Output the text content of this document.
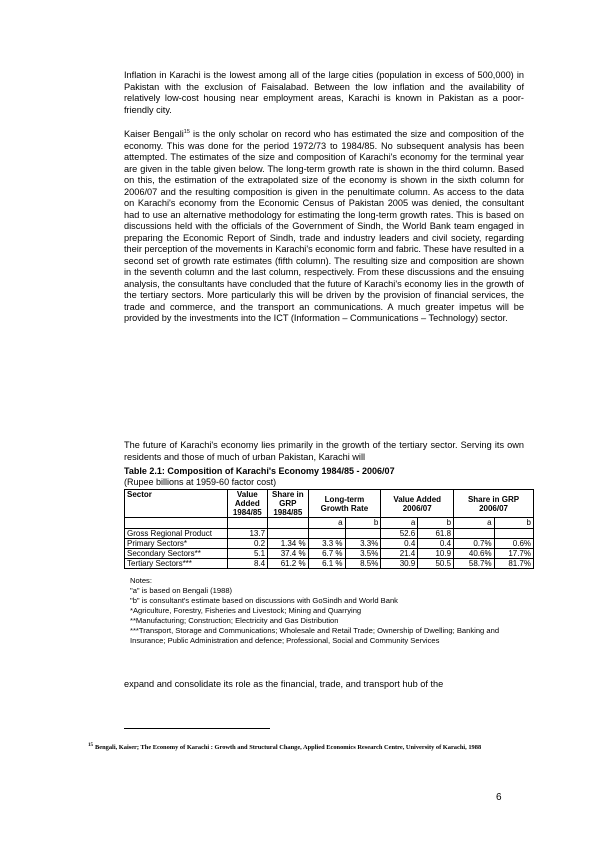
Inflation in Karachi is the lowest among all of the large cities (population in excess of 500,000) in Pakistan with the exclusion of Faisalabad. Between the low inflation and the availability of relatively low-cost housing near employment areas, Karachi is known in Pakistan as a poor-friendly city.

Kaiser Bengali$^{15}$ is the only scholar on record who has estimated the size and composition of the economy. This was done for the period 1972/73 to 1984/85. No subsequent analysis has been attempted. The estimates of the size and composition of Karachi's economy for the terminal year are given in the table given below. The long-term growth rate is shown in the third column. Based on this, the estimation of the extrapolated size of the economy is shown in the sixth column for 2006/07 and the resulting composition is given in the penultimate column. As access to the data on Karachi's economy from the Economic Census of Pakistan 2005 was denied, the consultant had to use an alternative methodology for estimating the long-term growth rates. This is based on discussions held with the officials of the Government of Sindh, the World Bank team engaged in preparing the Economic Report of Sindh, trade and industry leaders and civil society, regarding their perception of the movements in Karachi's economic form and fabric. These have resulted in a second set of growth rate estimates (fifth column). The resulting size and composition are shown in the seventh column and the last column, respectively. From these discussions and the ensuing analysis, the consultants have concluded that the future of Karachi's economy lies in the growth of the tertiary sectors. More particularly this will be driven by the provision of financial services, the trade and commerce, and the transport an communications. A much greater impetus will be provided by the investments into the ICT (Information – Communications – Technology) sector.

The future of Karachi's economy lies primarily in the growth of the tertiary sector. Serving its own residents and those of much of urban Pakistan, Karachi will

Table 2.1: Composition of Karachi's Economy 1984/85 - 2006/07
(Rupee billions at 1959-60 factor cost)
Sector	Value Added 1984/85	Share in GRP 1984/85	Long-term Growth Rate		Value Added 2006/07		Share in GRP 2006/07	
			a	b	a	b	a	b
Gross Regional Product	13.7				52.6	61.8		
Primary Sectors*	0.2	1.34 %	3.3 %	3.3%	0.4	0.4	0.7%	0.6%
Secondary Sectors**	5.1	37.4 %	6.7 %	3.5%	21.4	10.9	40.6%	17.7%
Tertiary Sectors***	8.4	61.2 %	6.1 %	8.5%	30.9	50.5	58.7%	81.7%
Notes:
"a" is based on Bengali (1988)
"b" is consultant's estimate based on discussions with GoSindh and World Bank
*Agriculture, Forestry, Fisheries and Livestock; Mining and Quarrying
**Manufacturing; Construction; Electricity and Gas Distribution
***Transport, Storage and Communications; Wholesale and Retail Trade; Ownership of Dwelling; Banking and Insurance; Public Administration and defence; Professional, Social and Community Services

expand and consolidate its role as the financial, trade, and transport hub of the

$^{15}$ Bengali, Kaiser; The Economy of Karachi : Growth and Structural Change, Applied Economics Research Centre, University of Karachi, 1988

6
